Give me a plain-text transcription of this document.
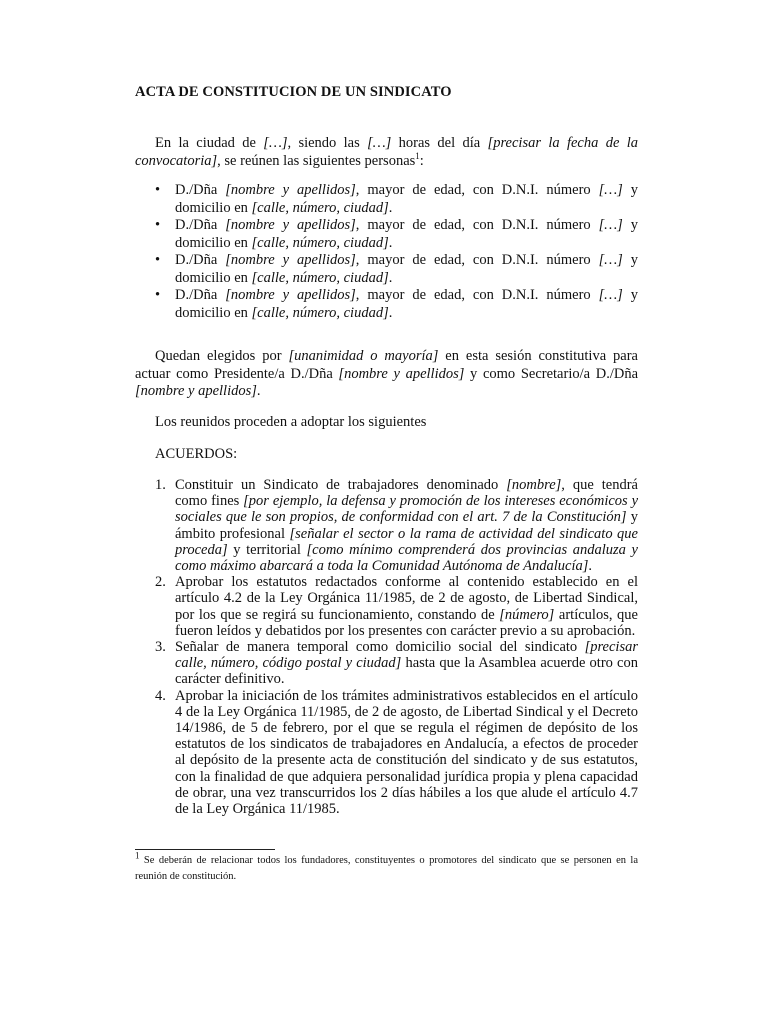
ACTA DE CONSTITUCION DE UN SINDICATO
En la ciudad de […], siendo las […] horas del día [precisar la fecha de la convocatoria], se reúnen las siguientes personas$^1$:
• D./Dña [nombre y apellidos], mayor de edad, con D.N.I. número […] y domicilio en [calle, número, ciudad].
• D./Dña [nombre y apellidos], mayor de edad, con D.N.I. número […] y domicilio en [calle, número, ciudad].
• D./Dña [nombre y apellidos], mayor de edad, con D.N.I. número […] y domicilio en [calle, número, ciudad].
• D./Dña [nombre y apellidos], mayor de edad, con D.N.I. número […] y domicilio en [calle, número, ciudad].
Quedan elegidos por [unanimidad o mayoría] en esta sesión constitutiva para actuar como Presidente/a D./Dña [nombre y apellidos] y como Secretario/a D./Dña [nombre y apellidos].
Los reunidos proceden a adoptar los siguientes
ACUERDOS:
1. Constituir un Sindicato de trabajadores denominado [nombre], que tendrá como fines [por ejemplo, la defensa y promoción de los intereses económicos y sociales que le son propios, de conformidad con el art. 7 de la Constitución] y ámbito profesional [señalar el sector o la rama de actividad del sindicato que proceda] y territorial [como mínimo comprenderá dos provincias andaluza y como máximo abarcará a toda la Comunidad Autónoma de Andalucía].
2. Aprobar los estatutos redactados conforme al contenido establecido en el artículo 4.2 de la Ley Orgánica 11/1985, de 2 de agosto, de Libertad Sindical, por los que se regirá su funcionamiento, constando de [número] artículos, que fueron leídos y debatidos por los presentes con carácter previo a su aprobación.
3. Señalar de manera temporal como domicilio social del sindicato [precisar calle, número, código postal y ciudad] hasta que la Asamblea acuerde otro con carácter definitivo.
4. Aprobar la iniciación de los trámites administrativos establecidos en el artículo 4 de la Ley Orgánica 11/1985, de 2 de agosto, de Libertad Sindical y el Decreto 14/1986, de 5 de febrero, por el que se regula el régimen de depósito de los estatutos de los sindicatos de trabajadores en Andalucía, a efectos de proceder al depósito de la presente acta de constitución del sindicato y de sus estatutos, con la finalidad de que adquiera personalidad jurídica propia y plena capacidad de obrar, una vez transcurridos los 2 días hábiles a los que alude el artículo 4.7 de la Ley Orgánica 11/1985.
$^1$ Se deberán de relacionar todos los fundadores, constituyentes o promotores del sindicato que se personen en la reunión de constitución.
